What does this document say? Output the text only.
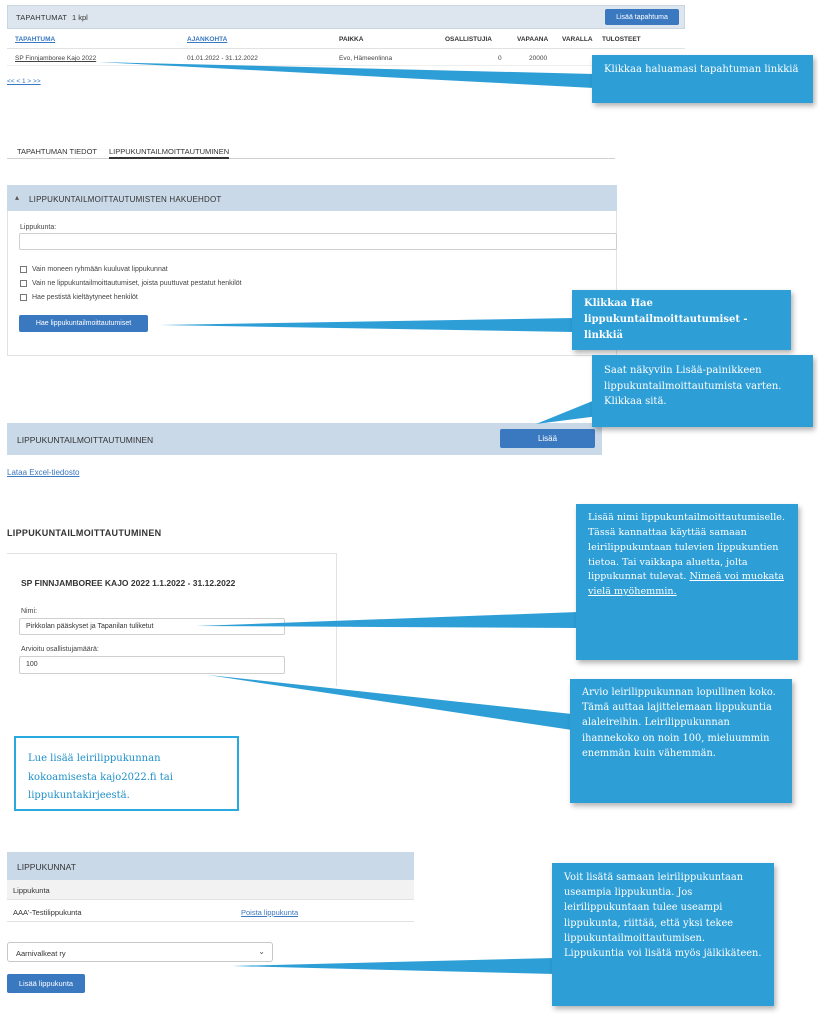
TAPAHTUMAT 1 kpl	Lisää tapahtuma
TAPAHTUMA	AJANKOHTA	PAIKKA	OSALLISTUJIA	VAPAANA VARALLA TULOSTEET
SP Finnjamboree Kajo 2022	01.01.2022 - 31.12.2022	Evo, Hämeenlinna	0	20000
<< < 1 > >>
TAPAHTUMAN TIEDOT LIPPUKUNTAILMOITTAUTUMINEN
▴ LIPPUKUNTAILMOITTAUTUMISTEN HAKUEHDOT
Lippukunta:
Vain moneen ryhmään kuuluvat lippukunnat
Vain ne lippukuntailmoittautumiset, joista puuttuvat pestatut henkilöt
Hae pestistä kieltäytyneet henkilöt
Hae lippukuntailmoittautumiset
LIPPUKUNTAILMOITTAUTUMINEN	Lisää
Lataa Excel-tiedosto
LIPPUKUNTAILMOITTAUTUMINEN
SP FINNJAMBOREE KAJO 2022 1.1.2022 - 31.12.2022
Nimi:
Pirkkolan pääskyset ja Tapanilan tuliketut
Arvioitu osallistujamäärä:
100
Lue lisää leirilippukunnan kokoamisesta kajo2022.fi tai lippukuntakirjeestä.
LIPPUKUNNAT
Lippukunta
AAA'-Testilippukunta	Poista lippukunta
Aarnivalkeat ry	⌄
Lisää lippukunta
Klikkaa haluamasi tapahtuman linkkiä
Klikkaa Hae lippukuntailmoittautumiset -linkkiä
Saat näkyviin Lisää-painikkeen lippukuntailmoittautumista varten. Klikkaa sitä.
Lisää nimi lippukuntailmoittautumiselle. Tässä kannattaa käyttää samaan leirilippukuntaan tulevien lippukuntien tietoa. Tai vaikkapa aluetta, jolta lippukunnat tulevat. Nimeä voi muokata vielä myöhemmin.
Arvio leirilippukunnan lopullinen koko. Tämä auttaa lajittelemaan lippukuntia alaleireihin. Leirilippukunnan ihannekoko on noin 100, mieluummin enemmän kuin vähemmän.
Voit lisätä samaan leirilippukuntaan useampia lippukuntia. Jos leirilippukuntaan tulee useampi lippukunta, riittää, että yksi tekee lippukuntailmoittautumisen. Lippukuntia voi lisätä myös jälkikäteen.
